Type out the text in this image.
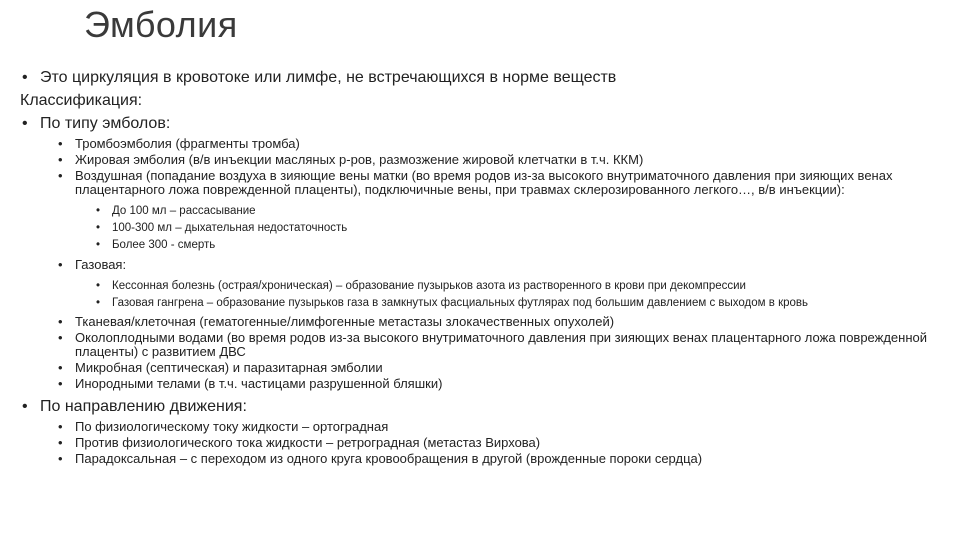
Эмболия
• Это циркуляция в кровотоке или лимфе, не встречающихся в норме веществ
Классификация:
• По типу эмболов:
• Тромбоэмболия (фрагменты тромба)
• Жировая эмболия (в/в инъекции масляных р-ров, размозжение жировой клетчатки в т.ч. ККМ)
• Воздушная (попадание воздуха в зияющие вены матки (во время родов из-за высокого внутриматочного давления при зияющих венах плацентарного ложа поврежденной плаценты), подключичные вены, при травмах склерозированного легкого…, в/в инъекции):
• До 100 мл – рассасывание
• 100-300 мл – дыхательная недостаточность
• Более 300 - смерть
• Газовая:
• Кессонная болезнь (острая/хроническая) – образование пузырьков азота из растворенного в крови при декомпрессии
• Газовая гангрена – образование пузырьков газа в замкнутых фасциальных футлярах под большим давлением с выходом в кровь
• Тканевая/клеточная (гематогенные/лимфогенные метастазы злокачественных опухолей)
• Околоплодными водами (во время родов из-за высокого внутриматочного давления при зияющих венах плацентарного ложа поврежденной плаценты) с развитием ДВС
• Микробная (септическая) и паразитарная эмболии
• Инородными телами (в т.ч. частицами разрушенной бляшки)
• По направлению движения:
• По физиологическому току жидкости – ортоградная
• Против физиологического тока жидкости – ретроградная (метастаз Вирхова)
• Парадоксальная – с переходом из одного круга кровообращения в другой (врожденные пороки сердца)
